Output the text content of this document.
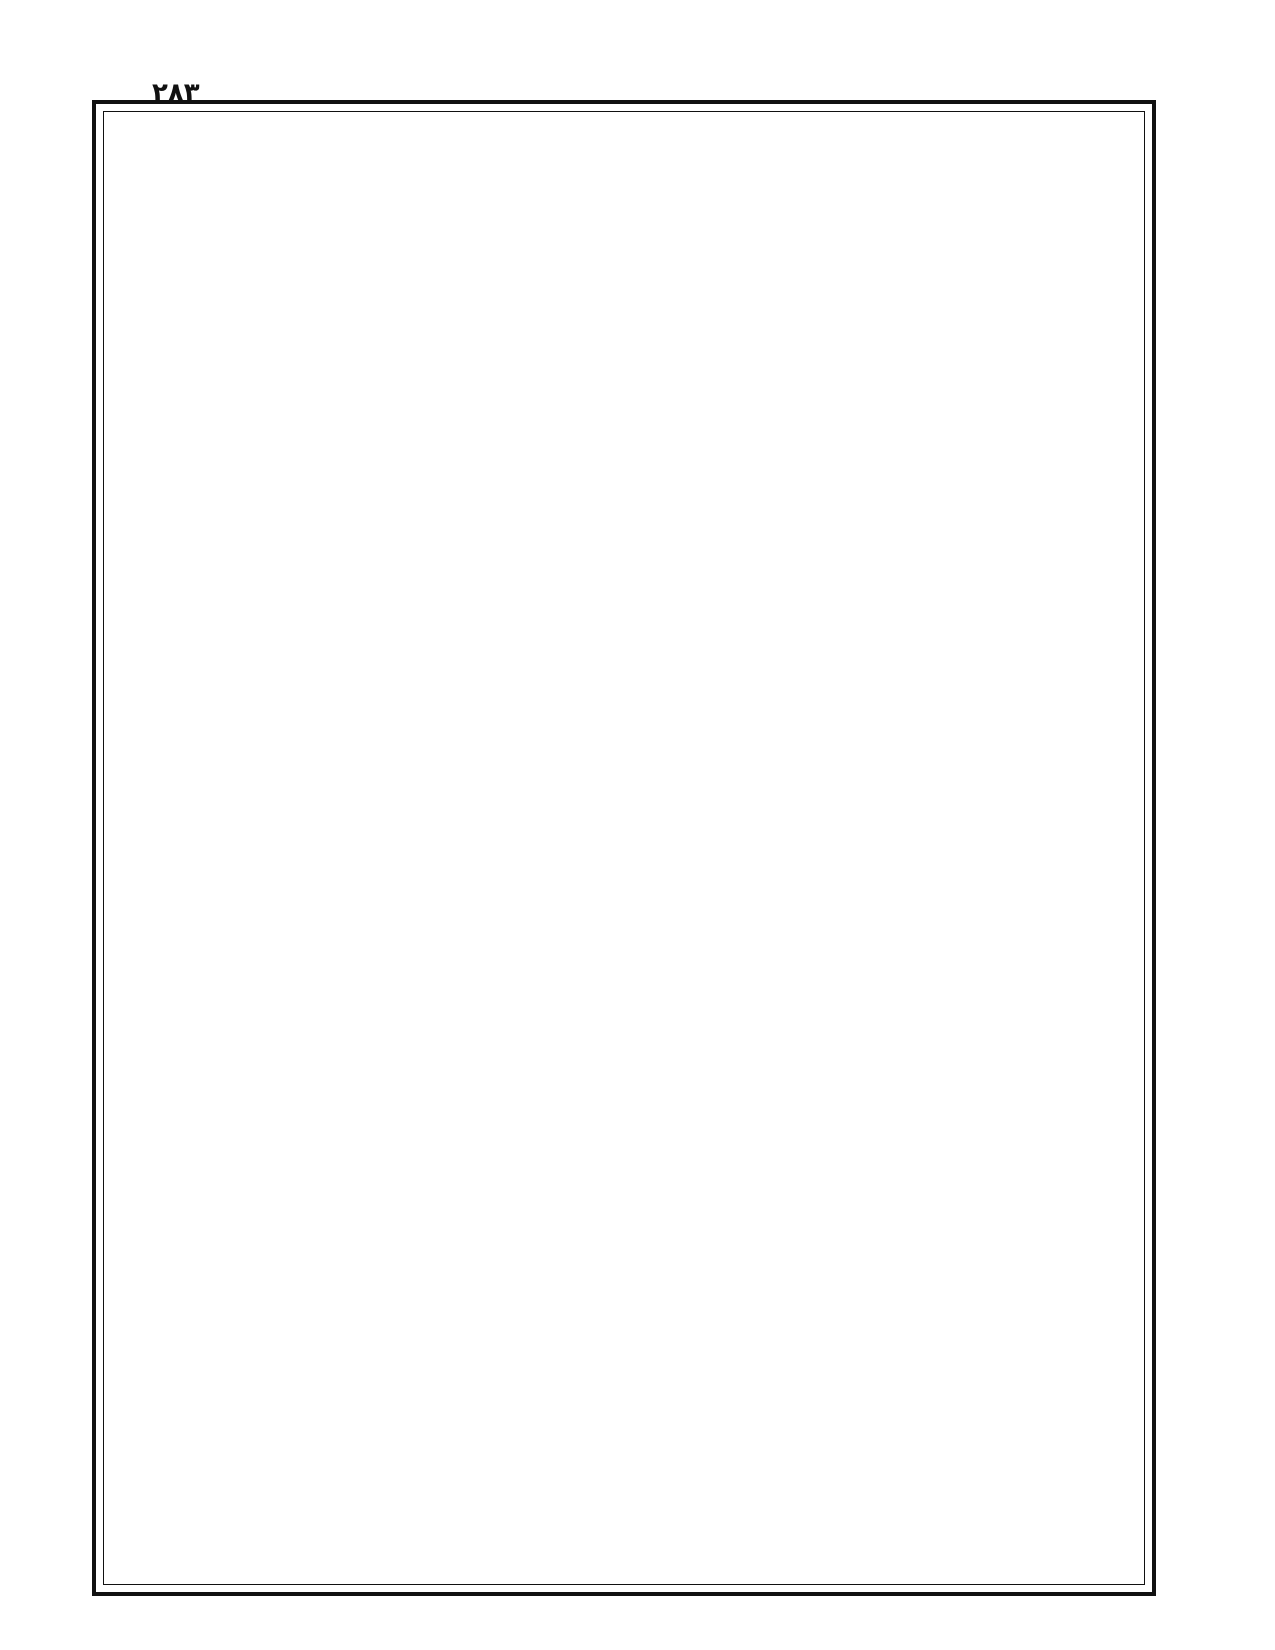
٢٨٣
